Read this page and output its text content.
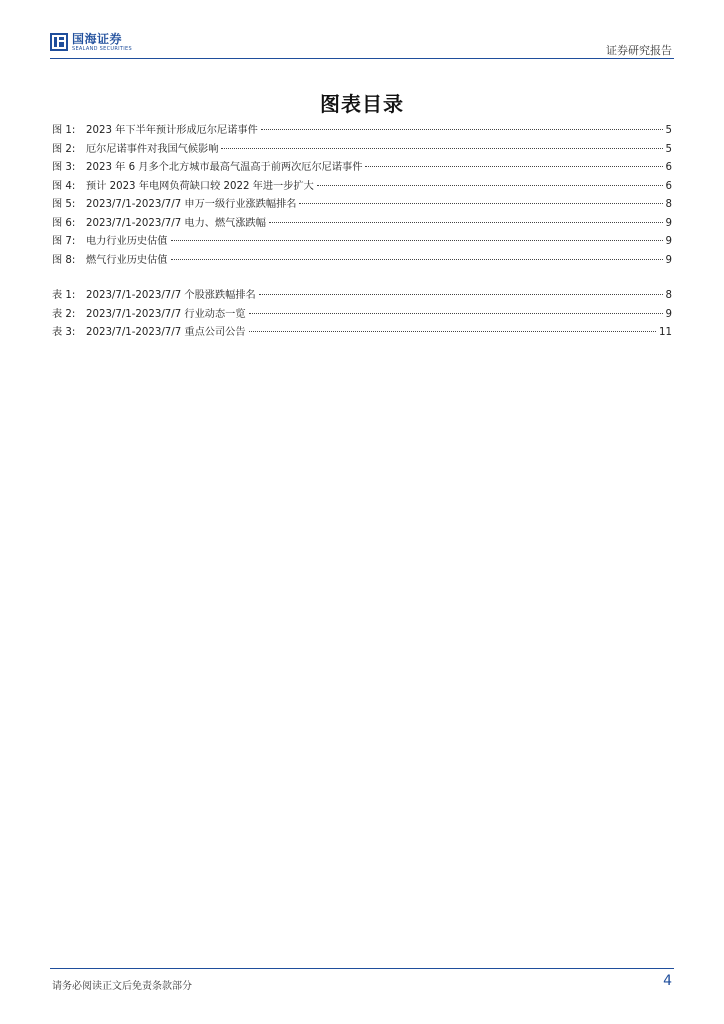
国海证券
SEALAND SECURITIES	证券研究报告
图表目录
图 1:	2023 年下半年预计形成厄尔尼诺事件	5
图 2:	厄尔尼诺事件对我国气候影响	5
图 3:	2023 年 6 月多个北方城市最高气温高于前两次厄尔尼诺事件	6
图 4:	预计 2023 年电网负荷缺口较 2022 年进一步扩大	6
图 5:	2023/7/1-2023/7/7 申万一级行业涨跌幅排名	8
图 6:	2023/7/1-2023/7/7 电力、燃气涨跌幅	9
图 7:	电力行业历史估值	9
图 8:	燃气行业历史估值	9
表 1:	2023/7/1-2023/7/7 个股涨跌幅排名	8
表 2:	2023/7/1-2023/7/7 行业动态一览	9
表 3:	2023/7/1-2023/7/7 重点公司公告	11
请务必阅读正文后免责条款部分	4
